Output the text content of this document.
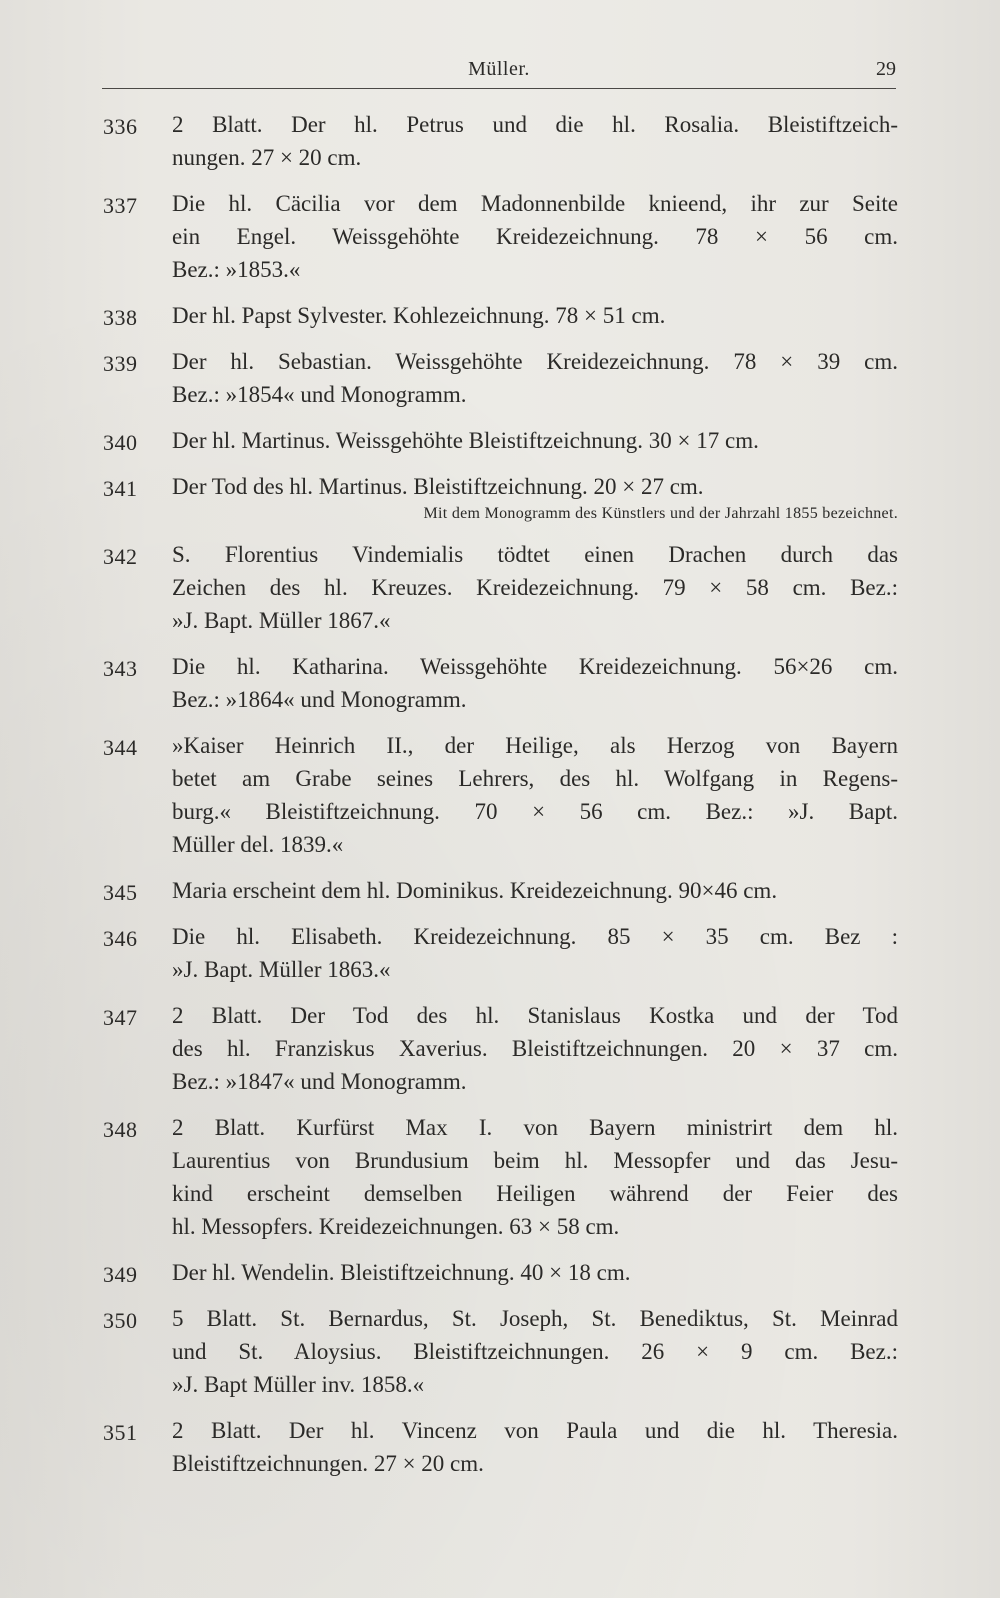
Müller.	29
336 2 Blatt. Der hl. Petrus und die hl. Rosalia. Bleistiftzeich-
nungen. 27 × 20 cm.
337 Die hl. Cäcilia vor dem Madonnenbilde knieend, ihr zur Seite
ein Engel. Weissgehöhte Kreidezeichnung. 78 × 56 cm.
Bez.: »1853.«
338 Der hl. Papst Sylvester. Kohlezeichnung. 78 × 51 cm.
339 Der hl. Sebastian. Weissgehöhte Kreidezeichnung. 78 × 39 cm.
Bez.: »1854« und Monogramm.
340 Der hl. Martinus. Weissgehöhte Bleistiftzeichnung. 30 × 17 cm.
341 Der Tod des hl. Martinus. Bleistiftzeichnung. 20 × 27 cm.
Mit dem Monogramm des Künstlers und der Jahrzahl 1855 bezeichnet.
342 S. Florentius Vindemialis tödtet einen Drachen durch das
Zeichen des hl. Kreuzes. Kreidezeichnung. 79 × 58 cm. Bez.:
»J. Bapt. Müller 1867.«
343 Die hl. Katharina. Weissgehöhte Kreidezeichnung. 56×26 cm.
Bez.: »1864« und Monogramm.
344 »Kaiser Heinrich II., der Heilige, als Herzog von Bayern
betet am Grabe seines Lehrers, des hl. Wolfgang in Regens-
burg.« Bleistiftzeichnung. 70 × 56 cm. Bez.: »J. Bapt.
Müller del. 1839.«
345 Maria erscheint dem hl. Dominikus. Kreidezeichnung. 90×46 cm.
346 Die hl. Elisabeth. Kreidezeichnung. 85 × 35 cm. Bez :
»J. Bapt. Müller 1863.«
347 2 Blatt. Der Tod des hl. Stanislaus Kostka und der Tod
des hl. Franziskus Xaverius. Bleistiftzeichnungen. 20 × 37 cm.
Bez.: »1847« und Monogramm.
348 2 Blatt. Kurfürst Max I. von Bayern ministrirt dem hl.
Laurentius von Brundusium beim hl. Messopfer und das Jesu-
kind erscheint demselben Heiligen während der Feier des
hl. Messopfers. Kreidezeichnungen. 63 × 58 cm.
349 Der hl. Wendelin. Bleistiftzeichnung. 40 × 18 cm.
350 5 Blatt. St. Bernardus, St. Joseph, St. Benediktus, St. Meinrad
und St. Aloysius. Bleistiftzeichnungen. 26 × 9 cm. Bez.:
»J. Bapt Müller inv. 1858.«
351 2 Blatt. Der hl. Vincenz von Paula und die hl. Theresia.
Bleistiftzeichnungen. 27 × 20 cm.
